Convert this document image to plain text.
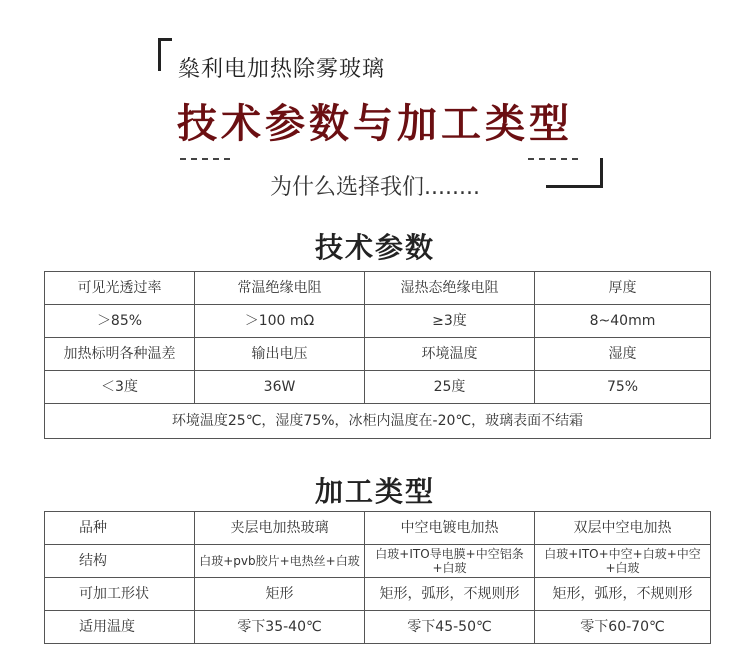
燊利电加热除雾玻璃
技术参数与加工类型
为什么选择我们........
技术参数
可见光透过率	常温绝缘电阻	湿热态绝缘电阻	厚度
＞85%	＞100 mΩ	≥3度	8~40mm
加热标明各种温差	输出电压	环境温度	湿度
＜3度	36W	25度	75%
环境温度25℃，湿度75%，冰柜内温度在-20℃，玻璃表面不结霜			
加工类型
品种	夹层电加热玻璃	中空电镀电加热	双层中空电加热
结构	白玻+pvb胶片+电热丝+白玻	白玻+ITO导电膜+中空铝条+白玻	白玻+ITO+中空+白玻+中空+白玻
可加工形状	矩形	矩形，弧形，不规则形	矩形，弧形，不规则形
适用温度	零下35-40℃	零下45-50℃	零下60-70℃
